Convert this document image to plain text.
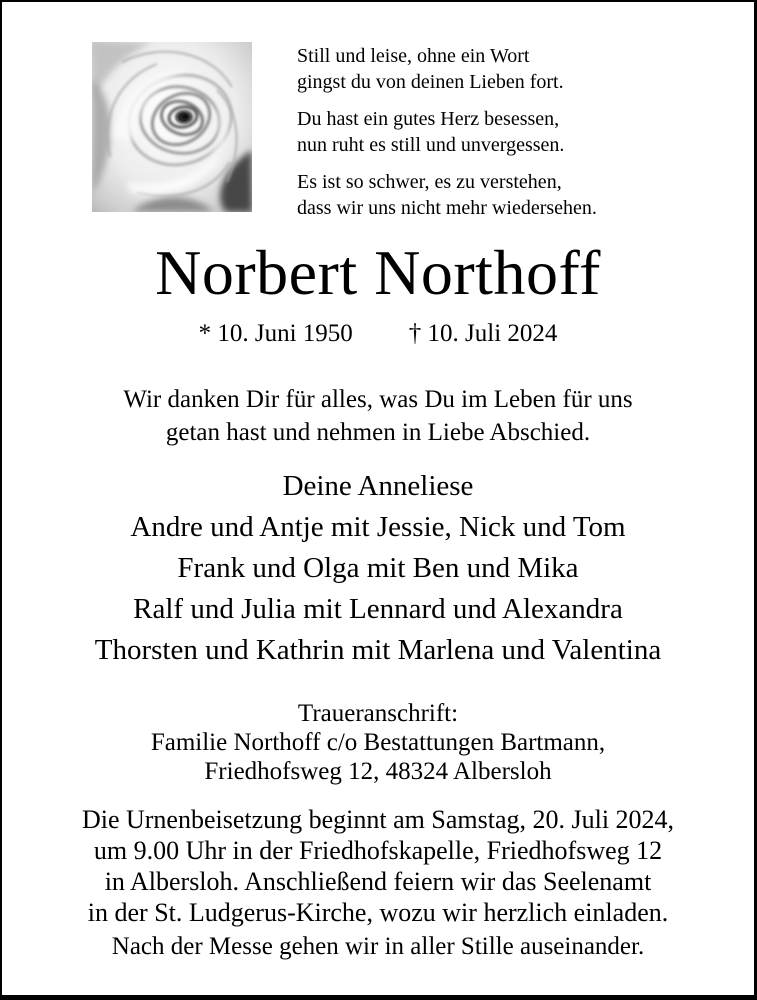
Still und leise, ohne ein Wort
gingst du von deinen Lieben fort.
Du hast ein gutes Herz besessen,
nun ruht es still und unvergessen.
Es ist so schwer, es zu verstehen,
dass wir uns nicht mehr wiedersehen.
Norbert Northoff
* 10. Juni 1950 † 10. Juli 2024
Wir danken Dir für alles, was Du im Leben für uns
getan hast und nehmen in Liebe Abschied.
Deine Anneliese
Andre und Antje mit Jessie, Nick und Tom
Frank und Olga mit Ben und Mika
Ralf und Julia mit Lennard und Alexandra
Thorsten und Kathrin mit Marlena und Valentina
Traueranschrift:
Familie Northoff c/o Bestattungen Bartmann,
Friedhofsweg 12, 48324 Albersloh
Die Urnenbeisetzung beginnt am Samstag, 20. Juli 2024,
um 9.00 Uhr in der Friedhofskapelle, Friedhofsweg 12
in Albersloh. Anschließend feiern wir das Seelenamt
in der St. Ludgerus-Kirche, wozu wir herzlich einladen.
Nach der Messe gehen wir in aller Stille auseinander.
